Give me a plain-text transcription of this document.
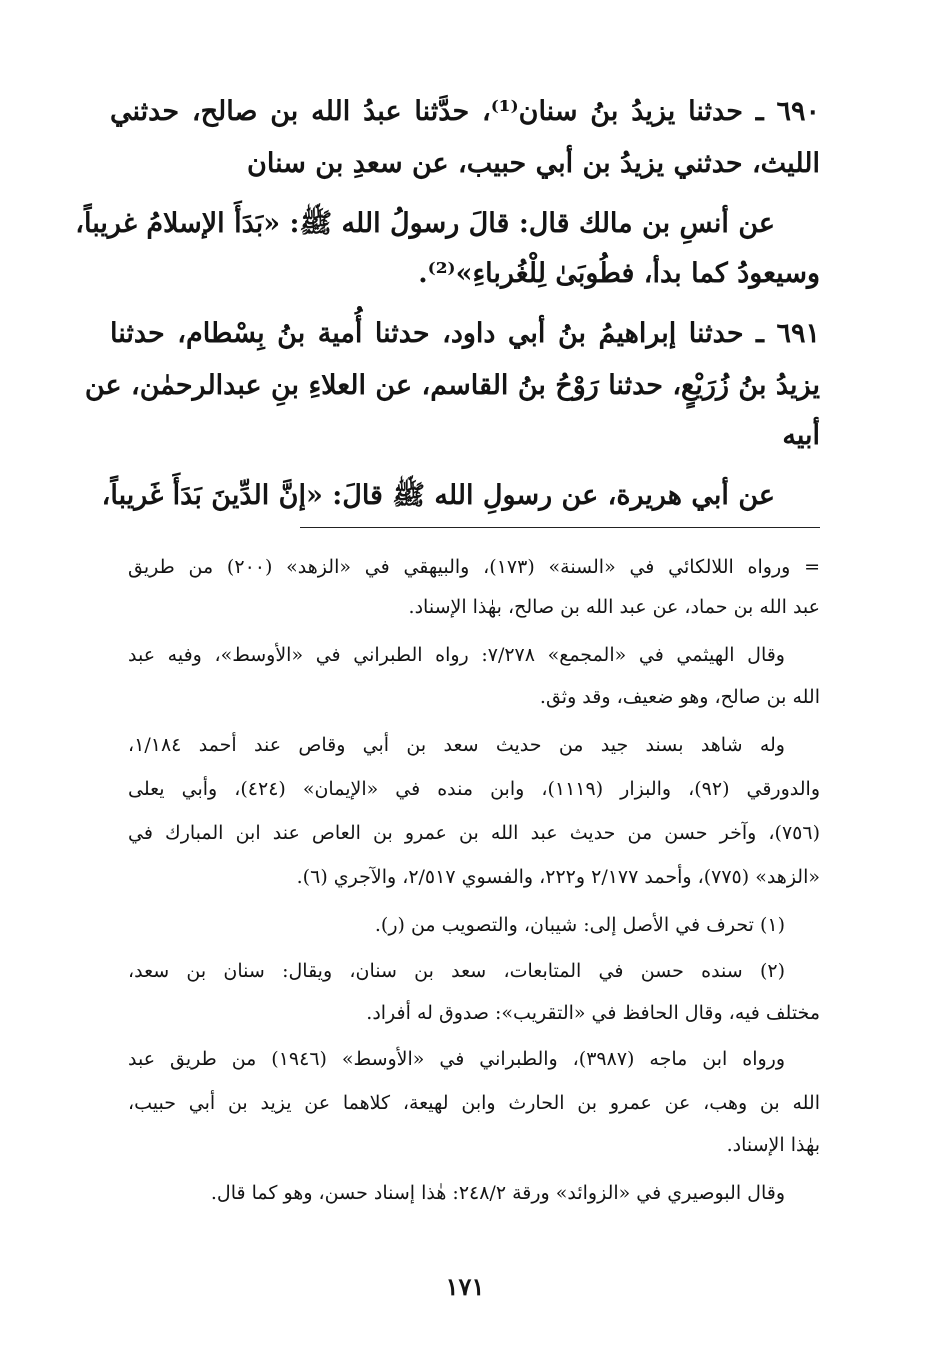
٦٩٠ ـ حدثنا يزيدُ بنُ سنان⁽¹⁾، حدَّثنا عبدُ الله بن صالح، حدثني
الليث، حدثني يزيدُ بن أبي حبيب، عن سعدِ بن سنان
عن أنسِ بن مالك قال: قالَ رسولُ الله ﷺ: «بَدَأَ الإسلامُ غريباً،
وسيعودُ كما بدأ، فطُوبَىٰ لِلْغُرباءِ»⁽²⁾.
٦٩١ ـ حدثنا إبراهيمُ بنُ أبي داود، حدثنا أُمية بنُ بِسْطام، حدثنا
يزيدُ بنُ زُرَيْعٍ، حدثنا رَوْحُ بنُ القاسم، عن العلاءِ بنِ عبدالرحمٰن، عن
أبيه
عن أبي هريرة، عن رسولِ الله ﷺ قالَ: «إنَّ الدِّينَ بَدَأَ غَريباً،
= ورواه اللالكائي في «السنة» (١٧٣)، والبيهقي في «الزهد» (٢٠٠) من طريق
عبد الله بن حماد، عن عبد الله بن صالح، بهٰذا الإسناد.
وقال الهيثمي في «المجمع» ٧/٢٧٨: رواه الطبراني في «الأوسط»، وفيه عبد
الله بن صالح، وهو ضعيف، وقد وثق.
وله شاهد بسند جيد من حديث سعد بن أبي وقاص عند أحمد ١/١٨٤،
والدورقي (٩٢)، والبزار (١١١٩)، وابن منده في «الإيمان» (٤٢٤)، وأبي يعلى
(٧٥٦)، وآخر حسن من حديث عبد الله بن عمرو بن العاص عند ابن المبارك في
«الزهد» (٧٧٥)، وأحمد ٢/١٧٧ و٢٢٢، والفسوي ٢/٥١٧، والآجري (٦).
(١) تحرف في الأصل إلى: شيبان، والتصويب من (ر).
(٢) سنده حسن في المتابعات، سعد بن سنان، ويقال: سنان بن سعد،
مختلف فيه، وقال الحافظ في «التقريب»: صدوق له أفراد.
ورواه ابن ماجه (٣٩٨٧)، والطبراني في «الأوسط» (١٩٤٦) من طريق عبد
الله بن وهب، عن عمرو بن الحارث وابن لهيعة، كلاهما عن يزيد بن أبي حبيب،
بهٰذا الإسناد.
وقال البوصيري في «الزوائد» ورقة ٢٤٨/٢: هٰذا إسناد حسن، وهو كما قال.
١٧١
